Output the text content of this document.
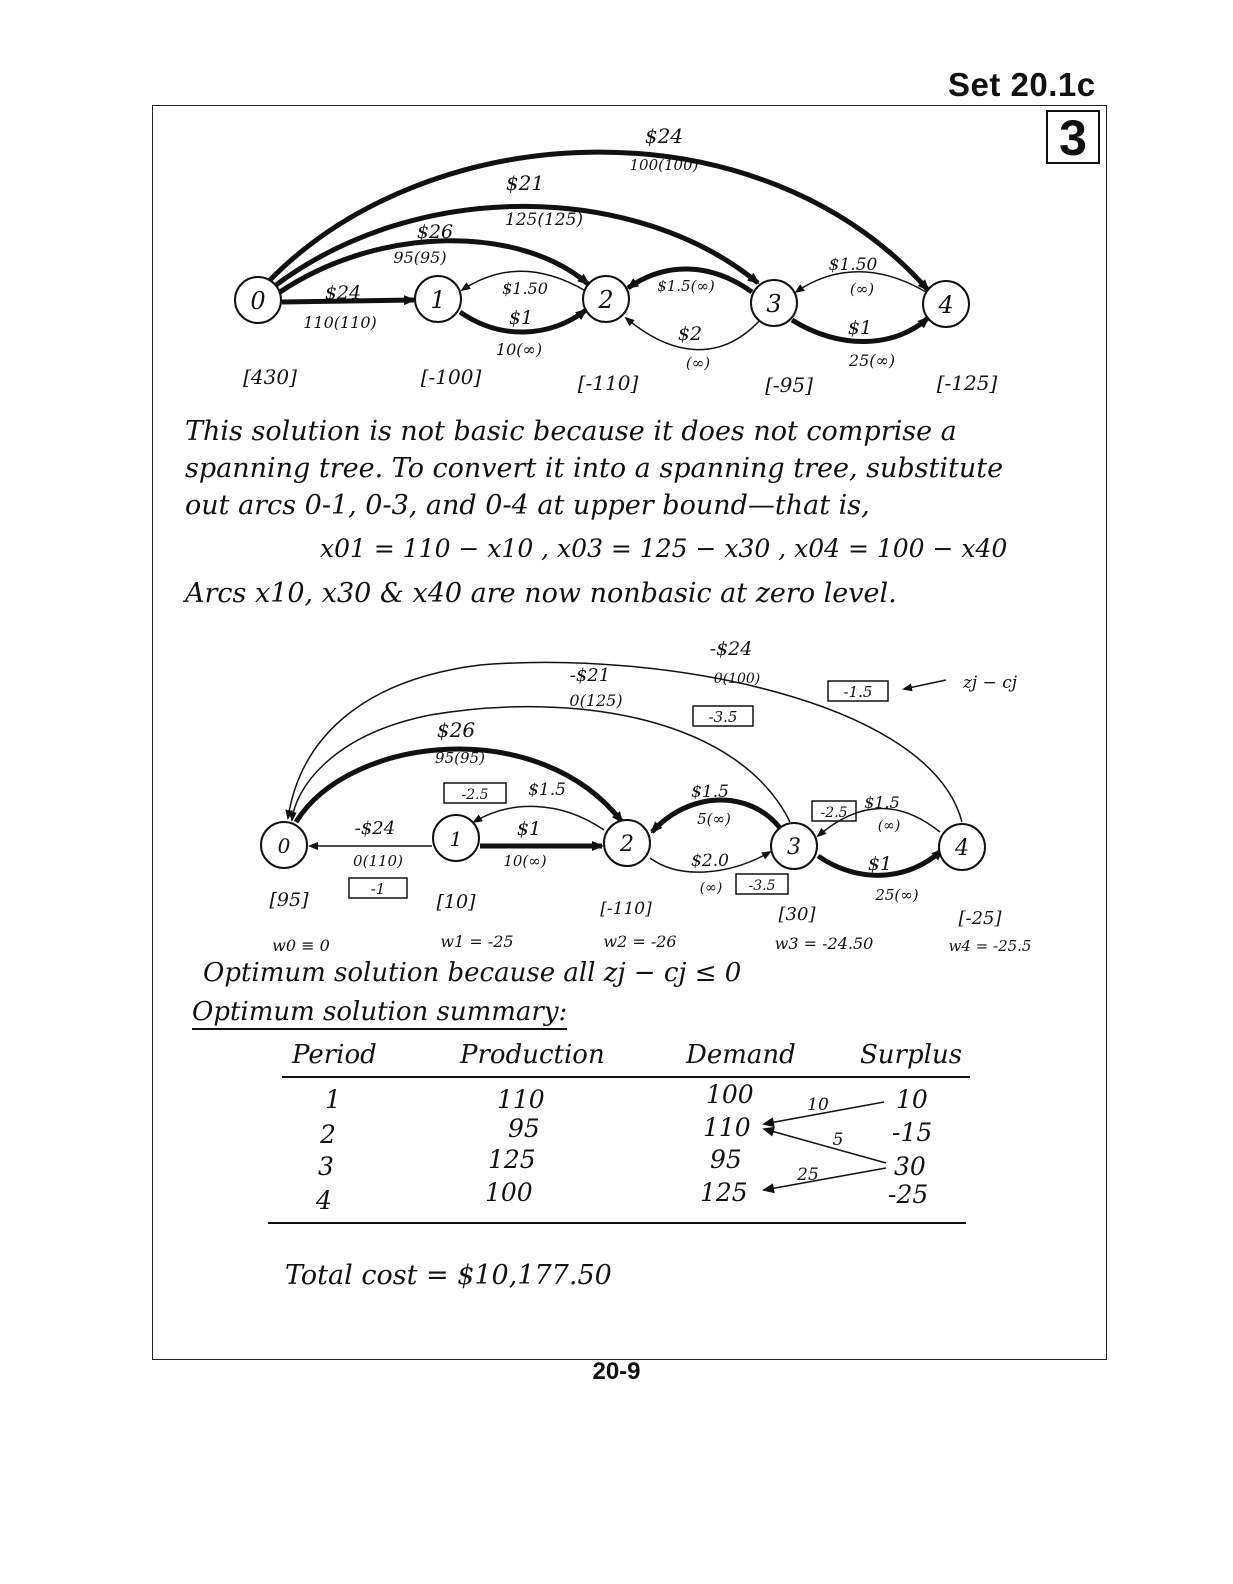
Set 20.1c
3
0	1	2	3	4
$24
100(100)
$21
125(125)
$26
95(95)
$24
110(110)
$1.50
$1
10(∞)
$1.5(∞)
$2
(∞)
$1.50
(∞)
$1
25(∞)
[430]	[-100]	[-110]	[-95]	[-125]
This solution is not basic because it does not comprise a
spanning tree. To convert it into a spanning tree, substitute
out arcs 0-1, 0-3, and 0-4 at upper bound—that is,
x01 = 110 − x10 , x03 = 125 − x30 , x04 = 100 − x40
Arcs x10, x30 & x40 are now nonbasic at zero level.
0	1	2	3	4
-$24
0(100)
-$21
0(125)
$26
95(95)
$1.5
$1
10(∞)
-$24
0(110)
$1.5
5(∞)
$2.0
(∞)
$1.5
(∞)
$1
25(∞)
-1.5
-3.5
-2.5
-2.5
-1	-3.5
zj − cj
[95]	[10]	[-110]	[30]	[-25]
w0 ≡ 0	w1 = -25	w2 = -26	w3 = -24.50	w4 = -25.5
Optimum solution because all zj − cj ≤ 0
Optimum solution summary:
Period	Production	Demand Surplus
1	110	100	10
2	95	110	-15
3	125	95	30
4	100	125	-25
10
5
25
Total cost = $10,177.50
20-9
